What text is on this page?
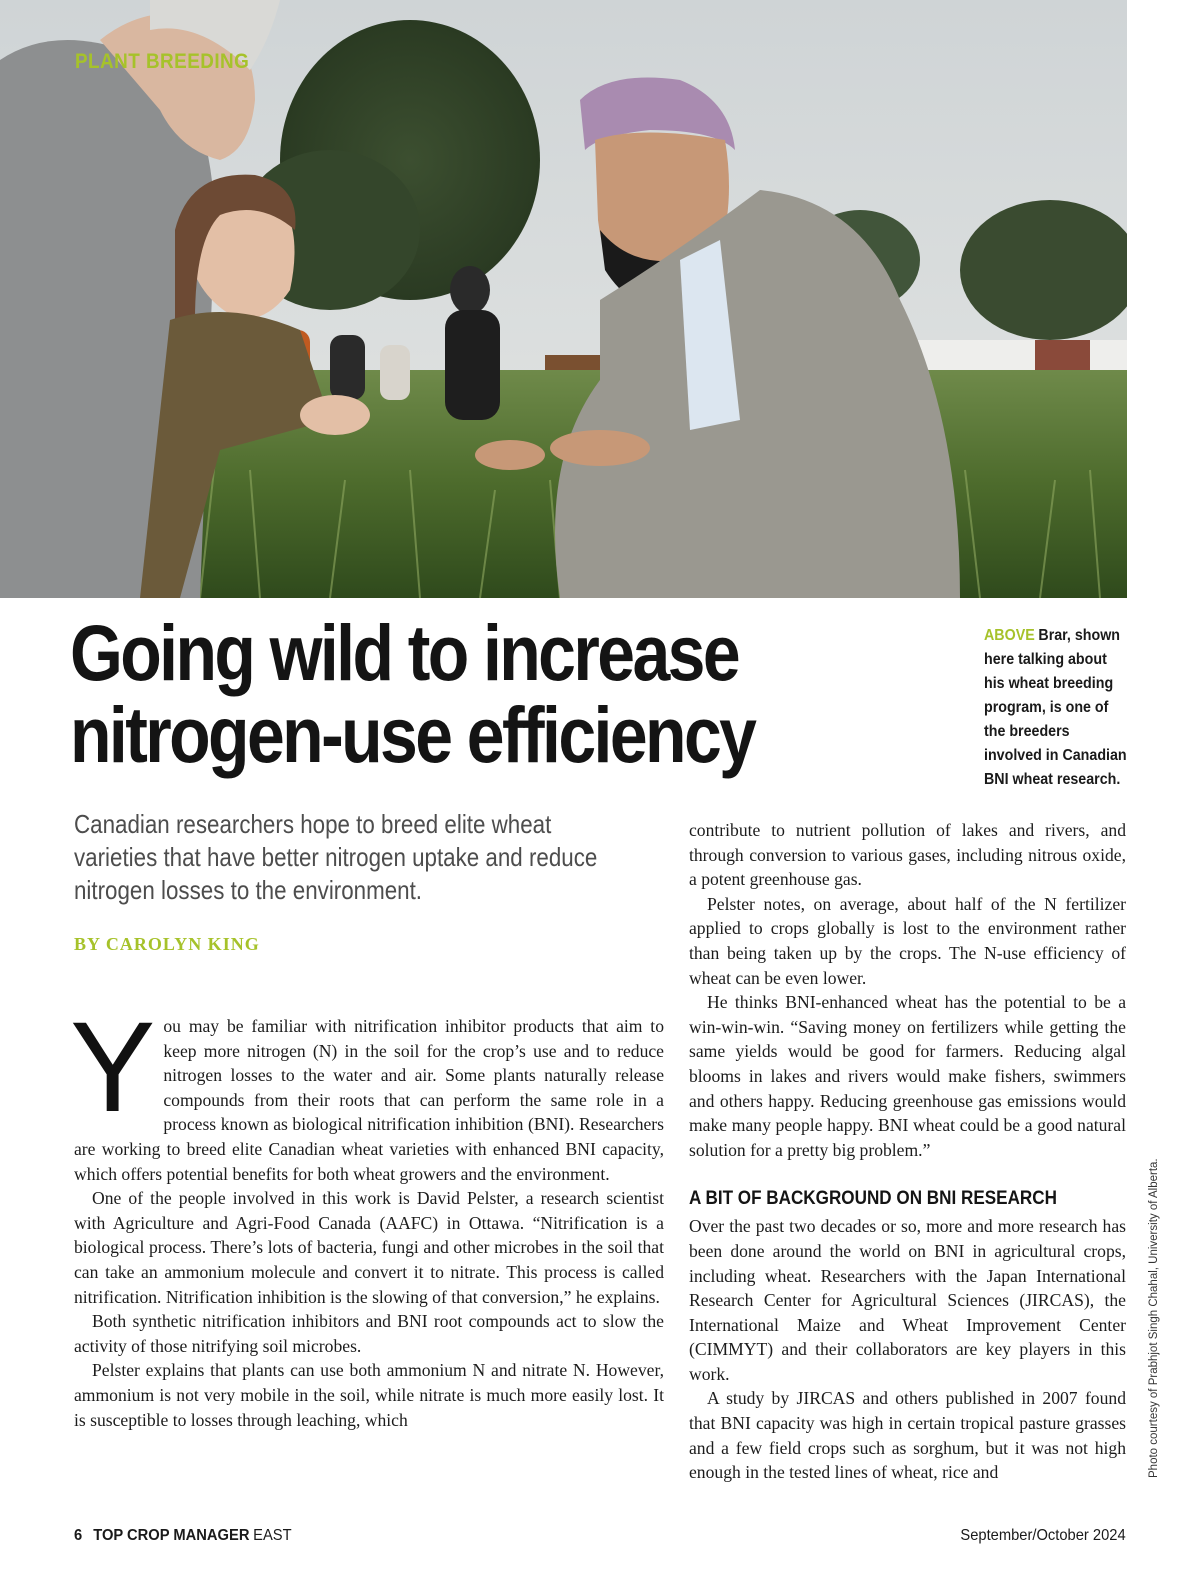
PLANT BREEDING
Going wild to increase
nitrogen-use efficiency
ABOVE Brar, shown
here talking about
his wheat breeding
program, is one of
the breeders
involved in Canadian
BNI wheat research.
Canadian researchers hope to breed elite wheat
varieties that have better nitrogen uptake and reduce
nitrogen losses to the environment.
BY CAROLYN KING

You may be familiar with nitrification inhibitor products that aim to keep more nitrogen (N) in the soil for the crop’s use and to reduce nitrogen losses to the water and air. Some plants naturally release compounds from their roots that can perform the same role in a process known as biological nitrification inhibition (BNI). Researchers are working to breed elite Canadian wheat varieties with enhanced BNI capacity, which offers potential benefits for both wheat growers and the environment.

One of the people involved in this work is David Pelster, a research scientist with Agriculture and Agri-Food Canada (AAFC) in Ottawa. “Nitrification is a biological process. There’s lots of bacteria, fungi and other microbes in the soil that can take an ammonium molecule and convert it to nitrate. This process is called nitrification. Nitrification inhibition is the slowing of that conversion,” he explains.

Both synthetic nitrification inhibitors and BNI root compounds act to slow the activity of those nitrifying soil microbes.

Pelster explains that plants can use both ammonium N and nitrate N. However, ammonium is not very mobile in the soil, while nitrate is much more easily lost. It is susceptible to losses through leaching, which

contribute to nutrient pollution of lakes and rivers, and through conversion to various gases, including nitrous oxide, a potent greenhouse gas.

Pelster notes, on average, about half of the N fertilizer applied to crops globally is lost to the environment rather than being taken up by the crops. The N-use efficiency of wheat can be even lower.

He thinks BNI-enhanced wheat has the potential to be a win-win-win. “Saving money on fertilizers while getting the same yields would be good for farmers. Reducing algal blooms in lakes and rivers would make fishers, swimmers and others happy. Reducing greenhouse gas emissions would make many people happy. BNI wheat could be a good natural solution for a pretty big problem.”

A BIT OF BACKGROUND ON BNI RESEARCH

Over the past two decades or so, more and more research has been done around the world on BNI in agricultural crops, including wheat. Researchers with the Japan International Research Center for Agricultural Sciences (JIRCAS), the International Maize and Wheat Improvement Center (CIMMYT) and their collaborators are key players in this work.

A study by JIRCAS and others published in 2007 found that BNI capacity was high in certain tropical pasture grasses and a few field crops such as sorghum, but it was not high enough in the tested lines of wheat, rice and	Photo courtesy of Prabhjot Singh Chahal, University of Alberta.
6 TOP CROP MANAGER EAST	September/October 2024
